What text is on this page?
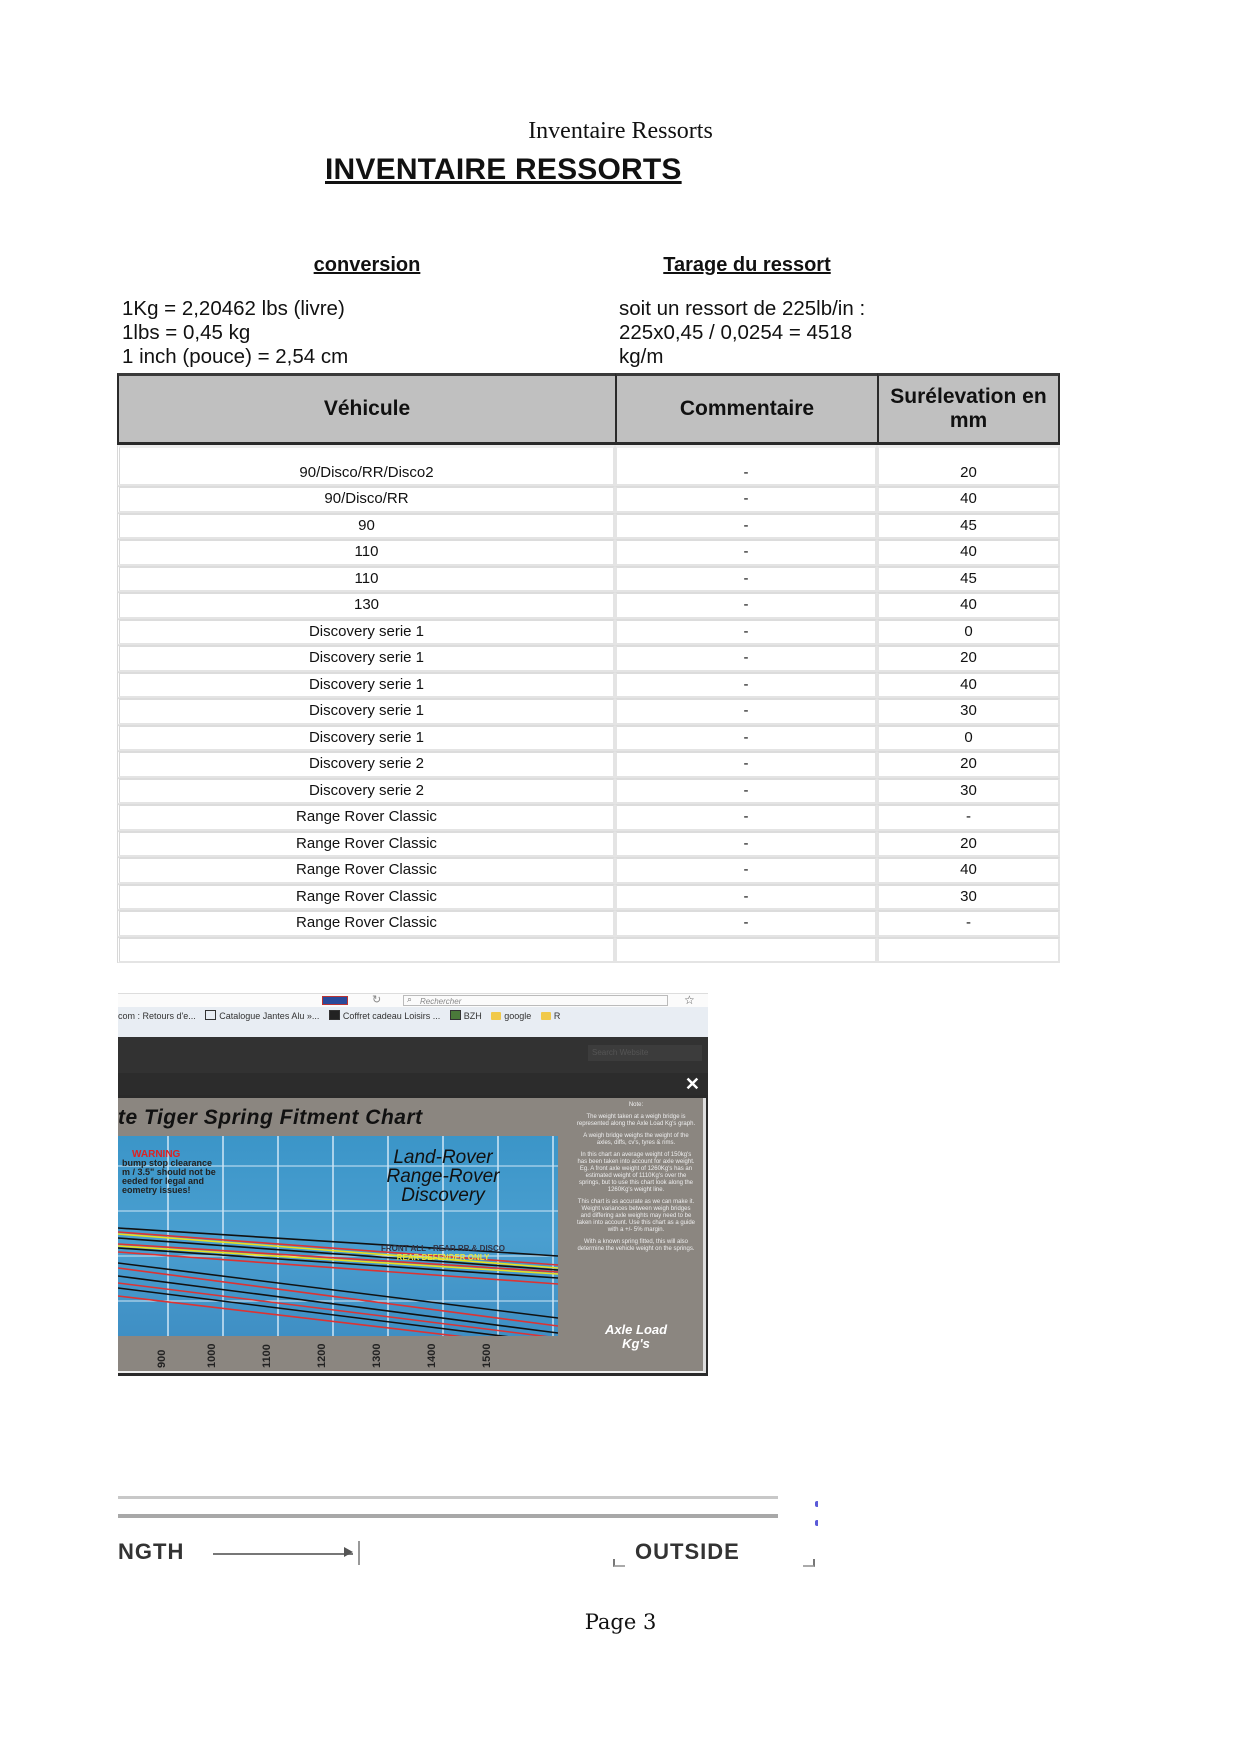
Inventaire Ressorts
INVENTAIRE RESSORTS
conversion	Tarage du ressort
1Kg = 2,20462 lbs (livre)
1lbs = 0,45 kg
1 inch (pouce) = 2,54 cm
soit un ressort de 225lb/in :
225x0,45 / 0,0254 = 4518
kg/m
Véhicule	Commentaire	Surélevation en mm
90/Disco/RR/Disco2	-	20
90/Disco/RR	-	40
90	-	45
110	-	40
110	-	45
130	-	40
Discovery serie 1	-	0
Discovery serie 1	-	20
Discovery serie 1	-	40
Discovery serie 1	-	30
Discovery serie 1	-	0
Discovery serie 2	-	20
Discovery serie 2	-	30
Range Rover Classic	-	-
Range Rover Classic	-	20
Range Rover Classic	-	40
Range Rover Classic	-	30
Range Rover Classic	-	-

↻	⌕ Rechercher	☆
com : Retours d'e...	Catalogue Jantes Alu »...	Coffret cadeau Loisirs ...	BZH	google	R
Search Website
✕
te Tiger Spring Fitment Chart
WARNING
bump stop clearance
m / 3.5" should not be
eeded for legal and
eometry issues!
Land-Rover
Range-Rover
Discovery
FRONT ALL - REAR RR & DISCO
REAR DEFENDER ONLY
900	1000	1100	1200	1300	1400	1500

Note:

The weight taken at a weigh bridge is represented along the Axle Load Kg's graph.

A weigh bridge weighs the weight of the axles, diffs, cv's, tyres & rims.

In this chart an average weight of 150kg's has been taken into account for axle weight. Eg. A front axle weight of 1260Kg's has an estimated weight of 1110Kg's over the springs, but to use this chart look along the 1260Kg's weight line.

This chart is as accurate as we can make it. Weight variances between weigh bridges and differing axle weights may need to be taken into account. Use this chart as a guide with a +/- 5% margin.

With a known spring fitted, this will also determine the vehicle weight on the springs.

Axle Load
Kg's
NGTH	OUTSIDE
Page 3
